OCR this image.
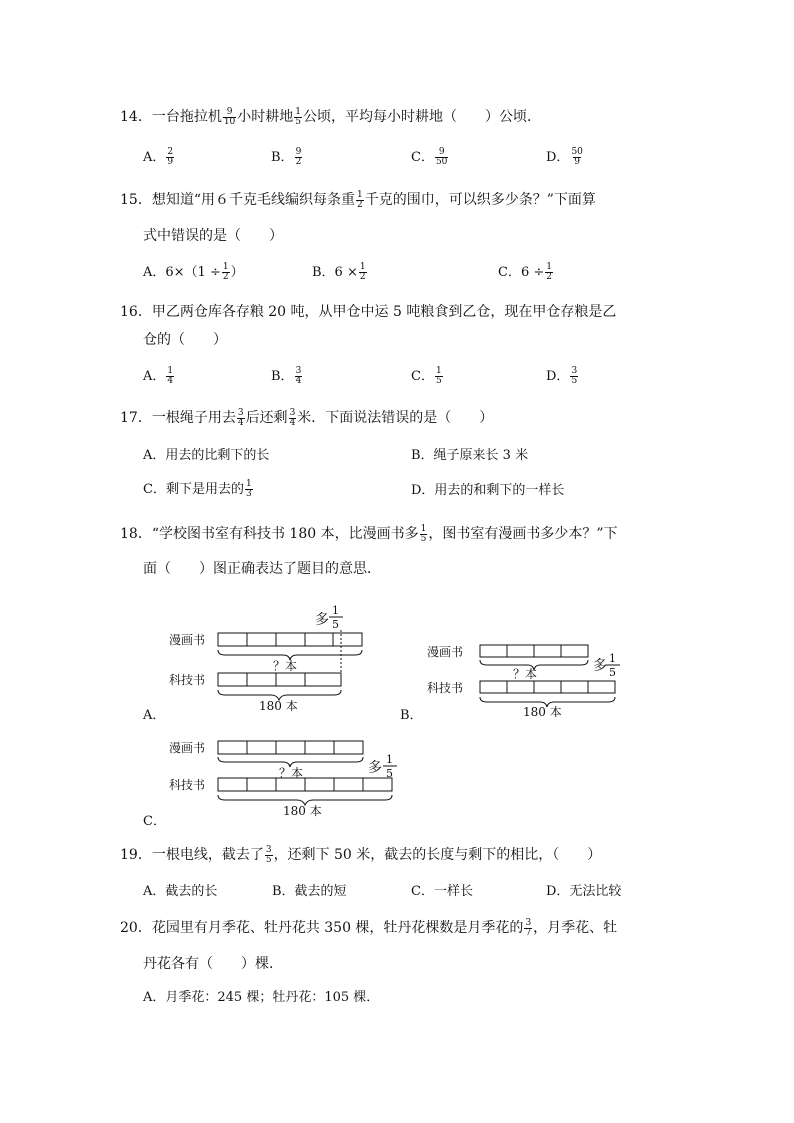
14．一台拖拉机 $\frac{9}{10}$ 小时耕地 $\frac{1}{5}$ 公顷，平均每小时耕地（　　）公顷．
A． $\frac{2}{9}$	B． $\frac{9}{2}$	C． $\frac{9}{50}$	D． $\frac{50}{9}$
15．想知道“用６千克毛线编织每条重 $\frac{1}{2}$ 千克的围巾，可以织多少条？”下面算
式中错误的是（　　）
A．$6\times(1 \div \frac{1}{2}$ ）	B．$6 \times \frac{1}{2}$	C．$6 \div \frac{1}{2}$
16．甲乙两仓库各存粮 20 吨，从甲仓中运 5 吨粮食到乙仓，现在甲仓存粮是乙
仓的（　　）
A． $\frac{1}{4}$	B． $\frac{3}{4}$	C． $\frac{1}{5}$	D． $\frac{3}{5}$
17．一根绳子用去 $\frac{3}{4}$ 后还剩 $\frac{3}{4}$ 米．下面说法错误的是（　　）
A．用去的比剩下的长	B．绳子原来长 3 米
C．剩下是用去的 $\frac{1}{3}$	D．用去的和剩下的一样长
18．“学校图书室有科技书 180 本，比漫画书多 $\frac{1}{5}$ ，图书室有漫画书多少本？”下
面（　　）图正确表达了题目的意思．
多
1
5
漫画书
？本
科技书
180 本
A．
漫画书
？本	多 1
5
科技书
180 本
B．
漫画书
？本	多
1
5
科技书
180 本
C．
19．一根电线，截去了 $\frac{3}{5}$ ，还剩下 50 米，截去的长度与剩下的相比，（　　）
A．截去的长	B．截去的短	C．一样长	D．无法比较
20．花园里有月季花、牡丹花共 350 棵，牡丹花棵数是月季花的 $\frac{3}{7}$ ，月季花、牡
丹花各有（　　）棵．
A．月季花：245 棵；牡丹花：105 棵．
